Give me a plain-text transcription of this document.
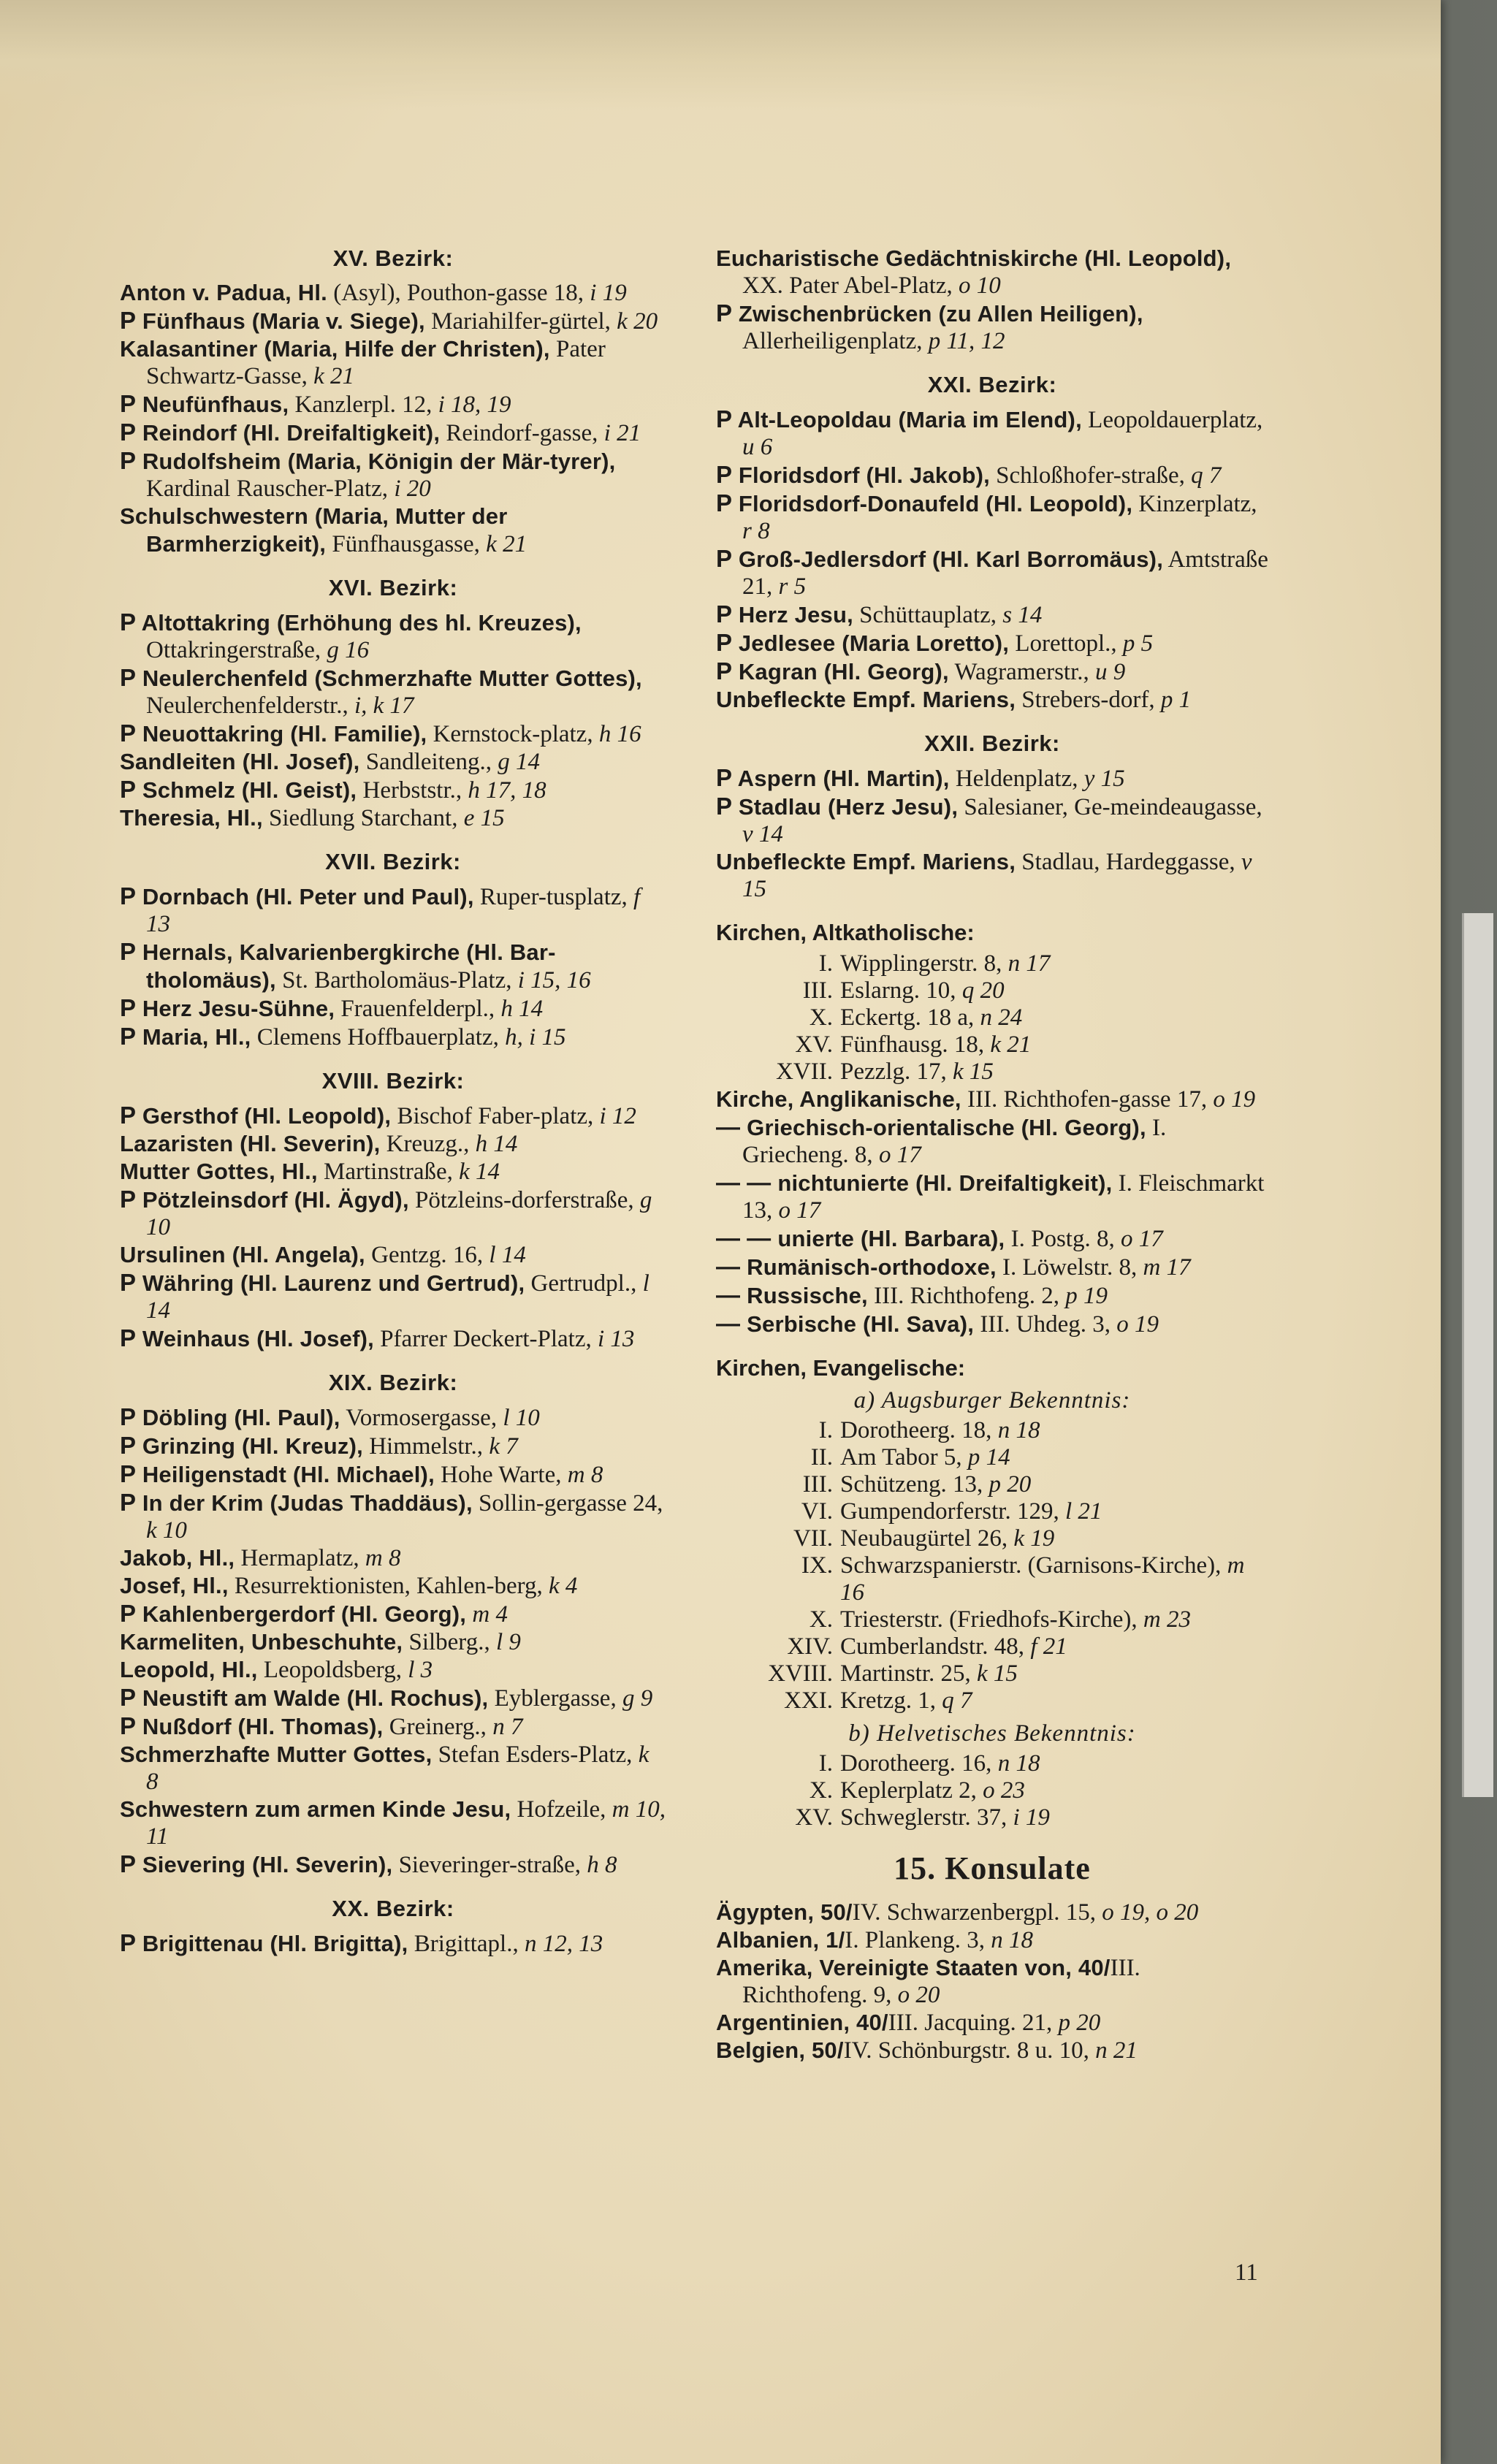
XV. Bezirk:

Anton v. Padua, Hl. (Asyl), Pouthon-gasse 18, i 19

P Fünfhaus (Maria v. Siege), Mariahilfer-gürtel, k 20

Kalasantiner (Maria, Hilfe der Christen), Pater Schwartz-Gasse, k 21

P Neufünfhaus, Kanzlerpl. 12, i 18, 19

P Reindorf (Hl. Dreifaltigkeit), Reindorf-gasse, i 21

P Rudolfsheim (Maria, Königin der Mär-tyrer), Kardinal Rauscher-Platz, i 20

Schulschwestern (Maria, Mutter der Barmherzigkeit), Fünfhausgasse, k 21

XVI. Bezirk:

P Altottakring (Erhöhung des hl. Kreuzes), Ottakringerstraße, g 16

P Neulerchenfeld (Schmerzhafte Mutter Gottes), Neulerchenfelderstr., i, k 17

P Neuottakring (Hl. Familie), Kernstock-platz, h 16

Sandleiten (Hl. Josef), Sandleiteng., g 14

P Schmelz (Hl. Geist), Herbststr., h 17, 18

Theresia, Hl., Siedlung Starchant, e 15

XVII. Bezirk:

P Dornbach (Hl. Peter und Paul), Ruper-tusplatz, f 13

P Hernals, Kalvarienbergkirche (Hl. Bar-tholomäus), St. Bartholomäus-Platz, i 15, 16

P Herz Jesu-Sühne, Frauenfelderpl., h 14

P Maria, Hl., Clemens Hoffbauerplatz, h, i 15

XVIII. Bezirk:

P Gersthof (Hl. Leopold), Bischof Faber-platz, i 12

Lazaristen (Hl. Severin), Kreuzg., h 14

Mutter Gottes, Hl., Martinstraße, k 14

P Pötzleinsdorf (Hl. Ägyd), Pötzleins-dorferstraße, g 10

Ursulinen (Hl. Angela), Gentzg. 16, l 14

P Währing (Hl. Laurenz und Gertrud), Gertrudpl., l 14

P Weinhaus (Hl. Josef), Pfarrer Deckert-Platz, i 13

XIX. Bezirk:

P Döbling (Hl. Paul), Vormosergasse, l 10

P Grinzing (Hl. Kreuz), Himmelstr., k 7

P Heiligenstadt (Hl. Michael), Hohe Warte, m 8

P In der Krim (Judas Thaddäus), Sollin-gergasse 24, k 10

Jakob, Hl., Hermaplatz, m 8

Josef, Hl., Resurrektionisten, Kahlen-berg, k 4

P Kahlenbergerdorf (Hl. Georg), m 4

Karmeliten, Unbeschuhte, Silberg., l 9

Leopold, Hl., Leopoldsberg, l 3

P Neustift am Walde (Hl. Rochus), Eyblergasse, g 9

P Nußdorf (Hl. Thomas), Greinerg., n 7

Schmerzhafte Mutter Gottes, Stefan Esders-Platz, k 8

Schwestern zum armen Kinde Jesu, Hofzeile, m 10, 11

P Sievering (Hl. Severin), Sieveringer-straße, h 8

XX. Bezirk:

P Brigittenau (Hl. Brigitta), Brigittapl., n 12, 13

Eucharistische Gedächtniskirche (Hl. Leopold), XX. Pater Abel-Platz, o 10

P Zwischenbrücken (zu Allen Heiligen), Allerheiligenplatz, p 11, 12

XXI. Bezirk:

P Alt-Leopoldau (Maria im Elend), Leopoldauerplatz, u 6

P Floridsdorf (Hl. Jakob), Schloßhofer-straße, q 7

P Floridsdorf-Donaufeld (Hl. Leopold), Kinzerplatz, r 8

P Groß-Jedlersdorf (Hl. Karl Borromäus), Amtstraße 21, r 5

P Herz Jesu, Schüttauplatz, s 14

P Jedlesee (Maria Loretto), Lorettopl., p 5

P Kagran (Hl. Georg), Wagramerstr., u 9

Unbefleckte Empf. Mariens, Strebers-dorf, p 1

XXII. Bezirk:

P Aspern (Hl. Martin), Heldenplatz, y 15

P Stadlau (Herz Jesu), Salesianer, Ge-meindeaugasse, v 14

Unbefleckte Empf. Mariens, Stadlau, Hardeggasse, v 15

Kirchen, Altkatholische:
I. Wipplingerstr. 8, n 17
III. Eslarng. 10, q 20
X. Eckertg. 18 a, n 24
XV. Fünfhausg. 18, k 21
XVII. Pezzlg. 17, k 15

Kirche, Anglikanische, III. Richthofen-gasse 17, o 19

— Griechisch-orientalische (Hl. Georg), I. Griecheng. 8, o 17

— — nichtunierte (Hl. Dreifaltigkeit), I. Fleischmarkt 13, o 17

— — unierte (Hl. Barbara), I. Postg. 8, o 17

— Rumänisch-orthodoxe, I. Löwelstr. 8, m 17

— Russische, III. Richthofeng. 2, p 19

— Serbische (Hl. Sava), III. Uhdeg. 3, o 19

Kirchen, Evangelische:
a) Augsburger Bekenntnis:
I. Dorotheerg. 18, n 18
II. Am Tabor 5, p 14
III. Schützeng. 13, p 20
VI. Gumpendorferstr. 129, l 21
VII. Neubaugürtel 26, k 19
IX. Schwarzspanierstr. (Garnisons-Kirche), m 16
X. Triesterstr. (Friedhofs-Kirche), m 23
XIV. Cumberlandstr. 48, f 21
XVIII. Martinstr. 25, k 15
XXI. Kretzg. 1, q 7
b) Helvetisches Bekenntnis:
I. Dorotheerg. 16, n 18
X. Keplerplatz 2, o 23
XV. Schweglerstr. 37, i 19
15. Konsulate

Ägypten, 50/IV. Schwarzenbergpl. 15, o 19, o 20

Albanien, 1/I. Plankeng. 3, n 18

Amerika, Vereinigte Staaten von, 40/III. Richthofeng. 9, o 20

Argentinien, 40/III. Jacquing. 21, p 20

Belgien, 50/IV. Schönburgstr. 8 u. 10, n 21

11
